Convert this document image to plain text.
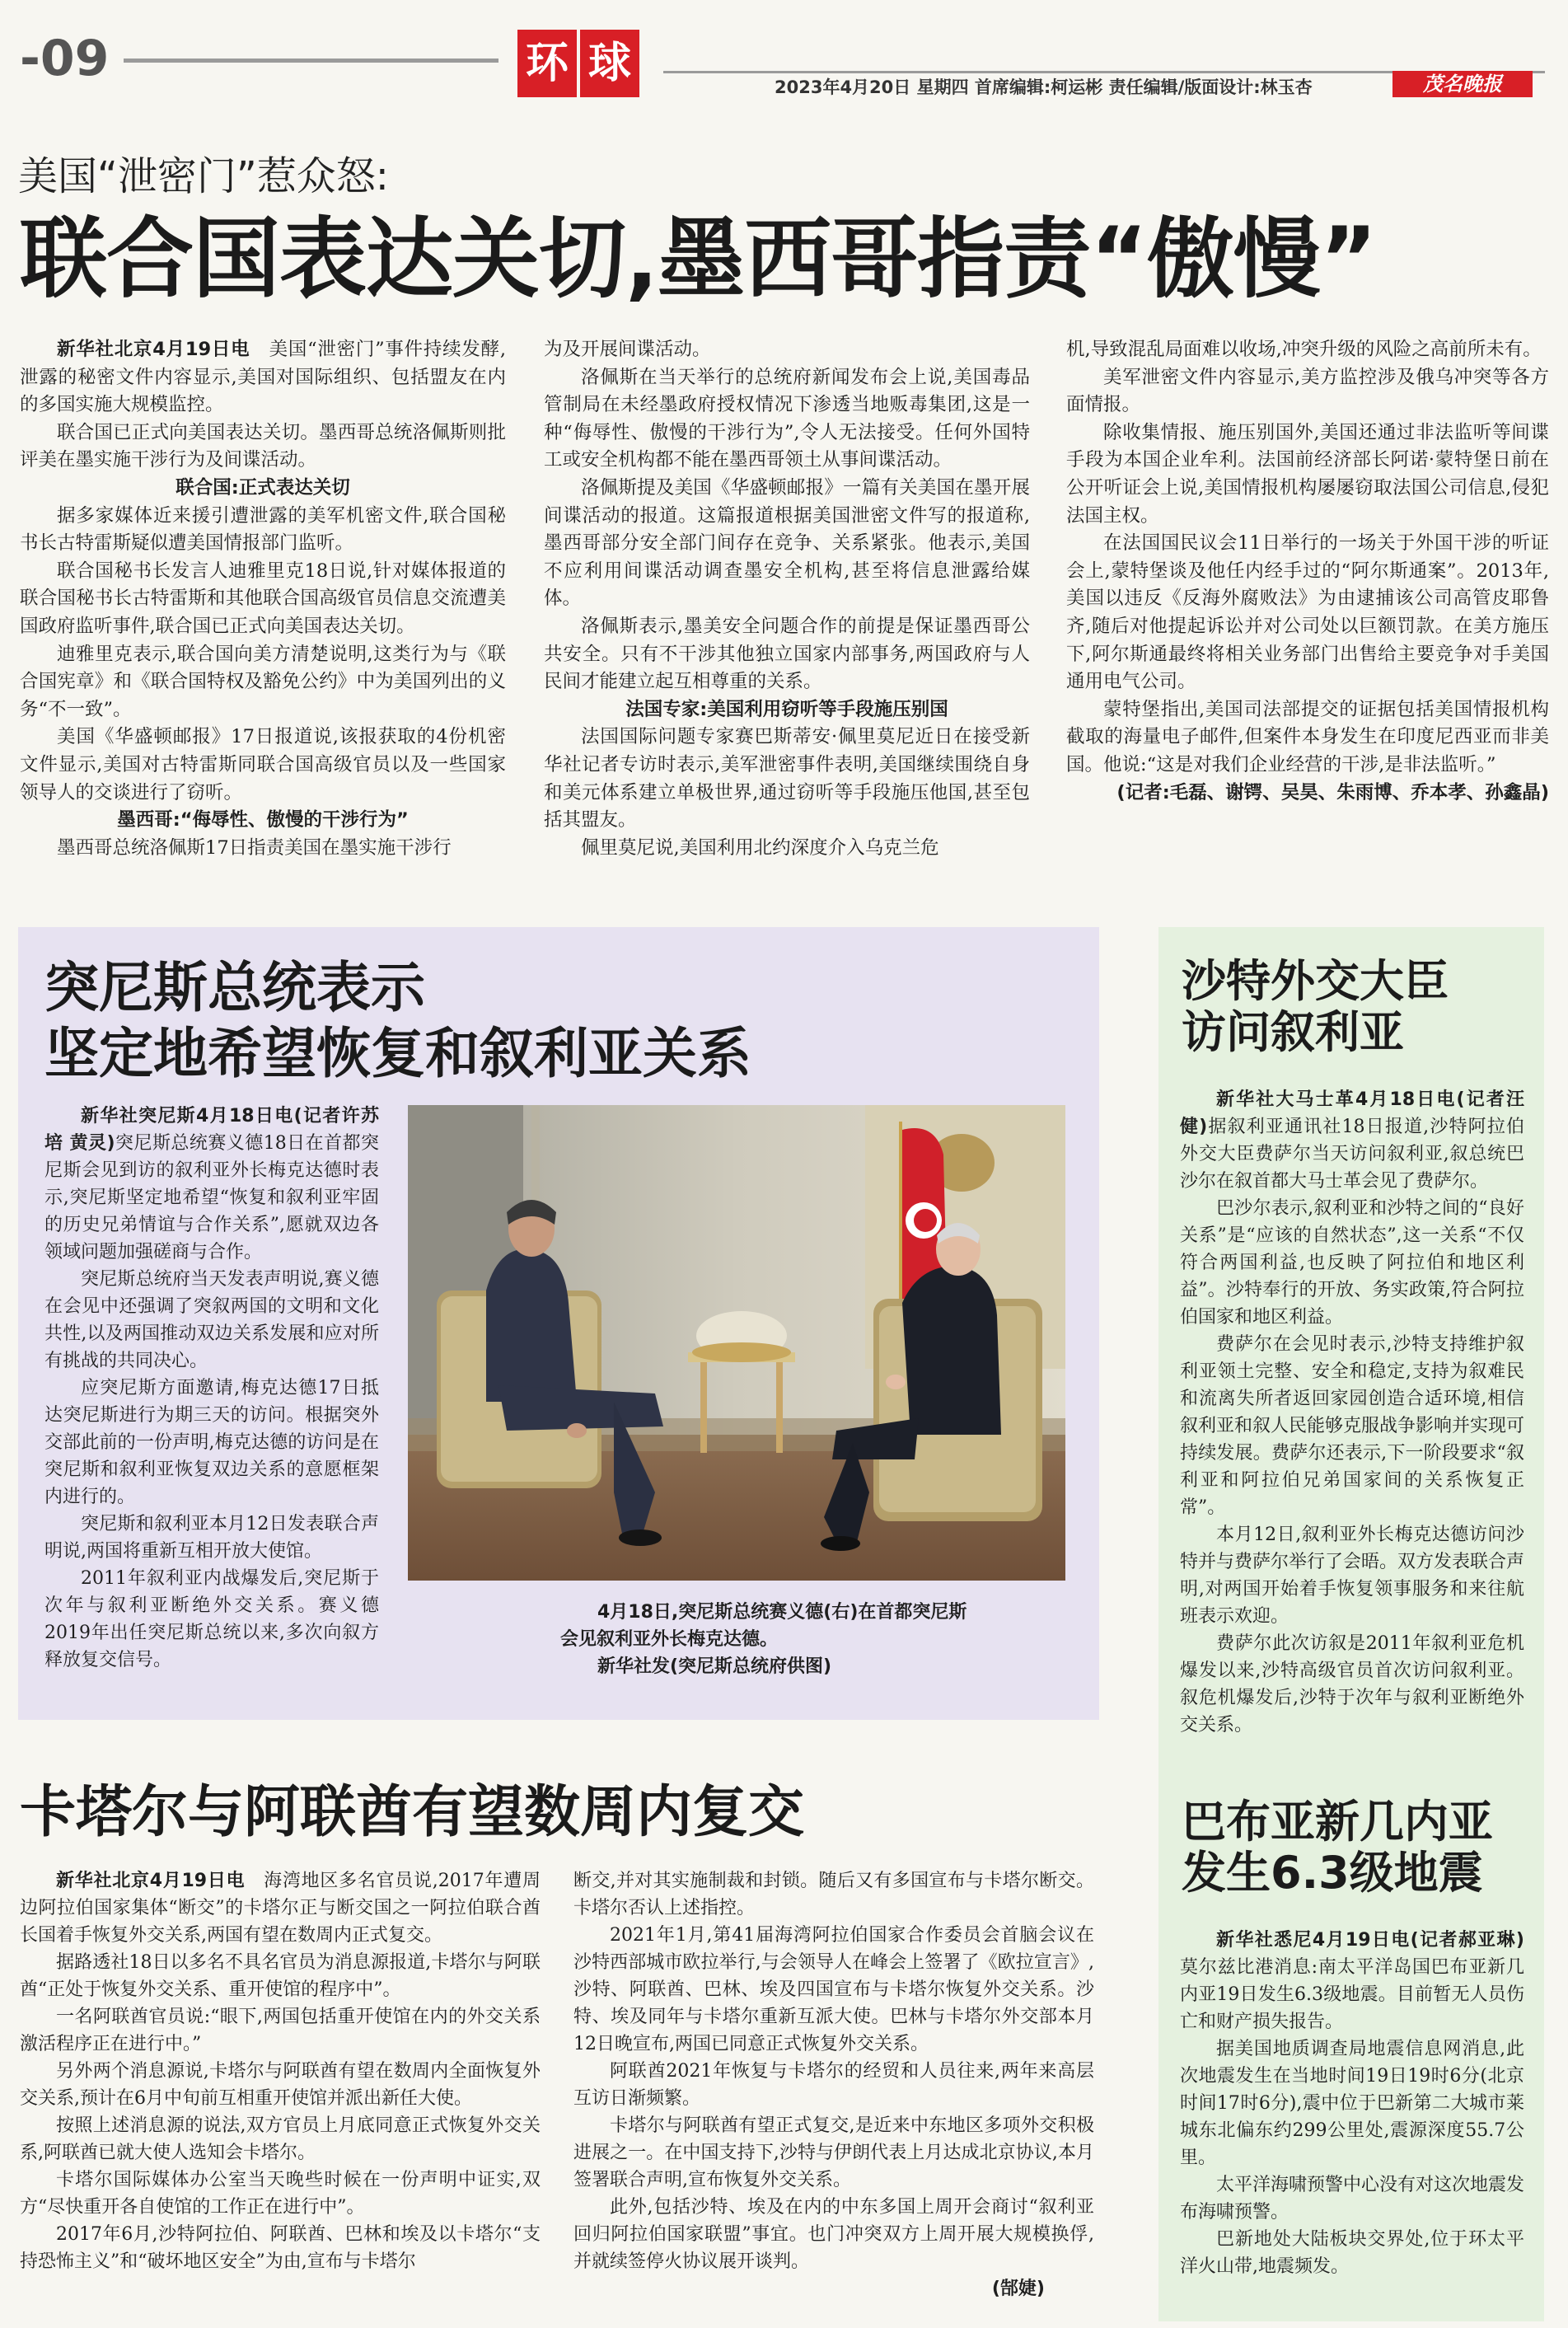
-09	环 球	2023年4月20日 星期四 首席编辑:柯运彬 责任编辑/版面设计:林玉杏	茂名晚报
美国“泄密门”惹众怒:
联合国表达关切,墨西哥指责“傲慢”

新华社北京4月19日电　 美国“泄密门”事件持续发酵,泄露的秘密文件内容显示,美国对国际组织、包括盟友在内的多国实施大规模监控。

联合国已正式向美国表达关切。墨西哥总统洛佩斯则批评美在墨实施干涉行为及间谍活动。

联合国:正式表达关切

据多家媒体近来援引遭泄露的美军机密文件,联合国秘书长古特雷斯疑似遭美国情报部门监听。

联合国秘书长发言人迪雅里克18日说,针对媒体报道的联合国秘书长古特雷斯和其他联合国高级官员信息交流遭美国政府监听事件,联合国已正式向美国表达关切。

迪雅里克表示,联合国向美方清楚说明,这类行为与《联合国宪章》和《联合国特权及豁免公约》中为美国列出的义务“不一致”。

美国《华盛顿邮报》17日报道说,该报获取的4份机密文件显示,美国对古特雷斯同联合国高级官员以及一些国家领导人的交谈进行了窃听。

墨西哥:“侮辱性、傲慢的干涉行为”

墨西哥总统洛佩斯17日指责美国在墨实施干涉行

为及开展间谍活动。

洛佩斯在当天举行的总统府新闻发布会上说,美国毒品管制局在未经墨政府授权情况下渗透当地贩毒集团,这是一种“侮辱性、傲慢的干涉行为”,令人无法接受。任何外国特工或安全机构都不能在墨西哥领土从事间谍活动。

洛佩斯提及美国《华盛顿邮报》一篇有关美国在墨开展间谍活动的报道。这篇报道根据美国泄密文件写的报道称,墨西哥部分安全部门间存在竞争、关系紧张。他表示,美国不应利用间谍活动调查墨安全机构,甚至将信息泄露给媒体。

洛佩斯表示,墨美安全问题合作的前提是保证墨西哥公共安全。只有不干涉其他独立国家内部事务,两国政府与人民间才能建立起互相尊重的关系。

法国专家:美国利用窃听等手段施压别国

法国国际问题专家赛巴斯蒂安·佩里莫尼近日在接受新华社记者专访时表示,美军泄密事件表明,美国继续围绕自身和美元体系建立单极世界,通过窃听等手段施压他国,甚至包括其盟友。

佩里莫尼说,美国利用北约深度介入乌克兰危

机,导致混乱局面难以收场,冲突升级的风险之高前所未有。

美军泄密文件内容显示,美方监控涉及俄乌冲突等各方面情报。

除收集情报、施压别国外,美国还通过非法监听等间谍手段为本国企业牟利。法国前经济部长阿诺·蒙特堡日前在公开听证会上说,美国情报机构屡屡窃取法国公司信息,侵犯法国主权。

在法国国民议会11日举行的一场关于外国干涉的听证会上,蒙特堡谈及他任内经手过的“阿尔斯通案”。2013年,美国以违反《反海外腐败法》为由逮捕该公司高管皮耶鲁齐,随后对他提起诉讼并对公司处以巨额罚款。在美方施压下,阿尔斯通最终将相关业务部门出售给主要竞争对手美国通用电气公司。

蒙特堡指出,美国司法部提交的证据包括美国情报机构截取的海量电子邮件,但案件本身发生在印度尼西亚而非美国。他说:“这是对我们企业经营的干涉,是非法监听。”

(记者:毛磊、谢锷、吴昊、朱雨博、乔本孝、孙鑫晶)

突尼斯总统表示
坚定地希望恢复和叙利亚关系

新华社突尼斯4月18日电(记者许苏培 黄灵)突尼斯总统赛义德18日在首都突尼斯会见到访的叙利亚外长梅克达德时表示,突尼斯坚定地希望“恢复和叙利亚牢固的历史兄弟情谊与合作关系”,愿就双边各领域问题加强磋商与合作。

突尼斯总统府当天发表声明说,赛义德在会见中还强调了突叙两国的文明和文化共性,以及两国推动双边关系发展和应对所有挑战的共同决心。

应突尼斯方面邀请,梅克达德17日抵达突尼斯进行为期三天的访问。根据突外交部此前的一份声明,梅克达德的访问是在突尼斯和叙利亚恢复双边关系的意愿框架内进行的。

突尼斯和叙利亚本月12日发表联合声明说,两国将重新互相开放大使馆。

2011年叙利亚内战爆发后,突尼斯于次年与叙利亚断绝外交关系。赛义德2019年出任突尼斯总统以来,多次向叙方释放复交信号。

4月18日,突尼斯总统赛义德(右)在首都突尼斯
会见叙利亚外长梅克达德。
新华社发(突尼斯总统府供图)
沙特外交大臣
访问叙利亚

新华社大马士革4月18日电(记者汪健)据叙利亚通讯社18日报道,沙特阿拉伯外交大臣费萨尔当天访问叙利亚,叙总统巴沙尔在叙首都大马士革会见了费萨尔。

巴沙尔表示,叙利亚和沙特之间的“良好关系”是“应该的自然状态”,这一关系“不仅符合两国利益,也反映了阿拉伯和地区利益”。沙特奉行的开放、务实政策,符合阿拉伯国家和地区利益。

费萨尔在会见时表示,沙特支持维护叙利亚领土完整、安全和稳定,支持为叙难民和流离失所者返回家园创造合适环境,相信叙利亚和叙人民能够克服战争影响并实现可持续发展。费萨尔还表示,下一阶段要求“叙利亚和阿拉伯兄弟国家间的关系恢复正常”。

本月12日,叙利亚外长梅克达德访问沙特并与费萨尔举行了会晤。双方发表联合声明,对两国开始着手恢复领事服务和来往航班表示欢迎。

费萨尔此次访叙是2011年叙利亚危机爆发以来,沙特高级官员首次访问叙利亚。叙危机爆发后,沙特于次年与叙利亚断绝外交关系。

巴布亚新几内亚
发生6.3级地震

新华社悉尼4月19日电(记者郝亚琳)莫尔兹比港消息:南太平洋岛国巴布亚新几内亚19日发生6.3级地震。目前暂无人员伤亡和财产损失报告。

据美国地质调查局地震信息网消息,此次地震发生在当地时间19日19时6分(北京时间17时6分),震中位于巴新第二大城市莱城东北偏东约299公里处,震源深度55.7公里。

太平洋海啸预警中心没有对这次地震发布海啸预警。

巴新地处大陆板块交界处,位于环太平洋火山带,地震频发。

卡塔尔与阿联酋有望数周内复交

新华社北京4月19日电　 海湾地区多名官员说,2017年遭周边阿拉伯国家集体“断交”的卡塔尔正与断交国之一阿拉伯联合酋长国着手恢复外交关系,两国有望在数周内正式复交。

据路透社18日以多名不具名官员为消息源报道,卡塔尔与阿联酋“正处于恢复外交关系、重开使馆的程序中”。

一名阿联酋官员说:“眼下,两国包括重开使馆在内的外交关系激活程序正在进行中。”

另外两个消息源说,卡塔尔与阿联酋有望在数周内全面恢复外交关系,预计在6月中旬前互相重开使馆并派出新任大使。

按照上述消息源的说法,双方官员上月底同意正式恢复外交关系,阿联酋已就大使人选知会卡塔尔。

卡塔尔国际媒体办公室当天晚些时候在一份声明中证实,双方“尽快重开各自使馆的工作正在进行中”。

2017年6月,沙特阿拉伯、阿联酋、巴林和埃及以卡塔尔“支持恐怖主义”和“破坏地区安全”为由,宣布与卡塔尔

断交,并对其实施制裁和封锁。随后又有多国宣布与卡塔尔断交。卡塔尔否认上述指控。

2021年1月,第41届海湾阿拉伯国家合作委员会首脑会议在沙特西部城市欧拉举行,与会领导人在峰会上签署了《欧拉宣言》,沙特、阿联酋、巴林、埃及四国宣布与卡塔尔恢复外交关系。沙特、埃及同年与卡塔尔重新互派大使。巴林与卡塔尔外交部本月12日晚宣布,两国已同意正式恢复外交关系。

阿联酋2021年恢复与卡塔尔的经贸和人员往来,两年来高层互访日渐频繁。

卡塔尔与阿联酋有望正式复交,是近来中东地区多项外交积极进展之一。在中国支持下,沙特与伊朗代表上月达成北京协议,本月签署联合声明,宣布恢复外交关系。

此外,包括沙特、埃及在内的中东多国上周开会商讨“叙利亚回归阿拉伯国家联盟”事宜。也门冲突双方上周开展大规模换俘,并就续签停火协议展开谈判。

(郜婕)
